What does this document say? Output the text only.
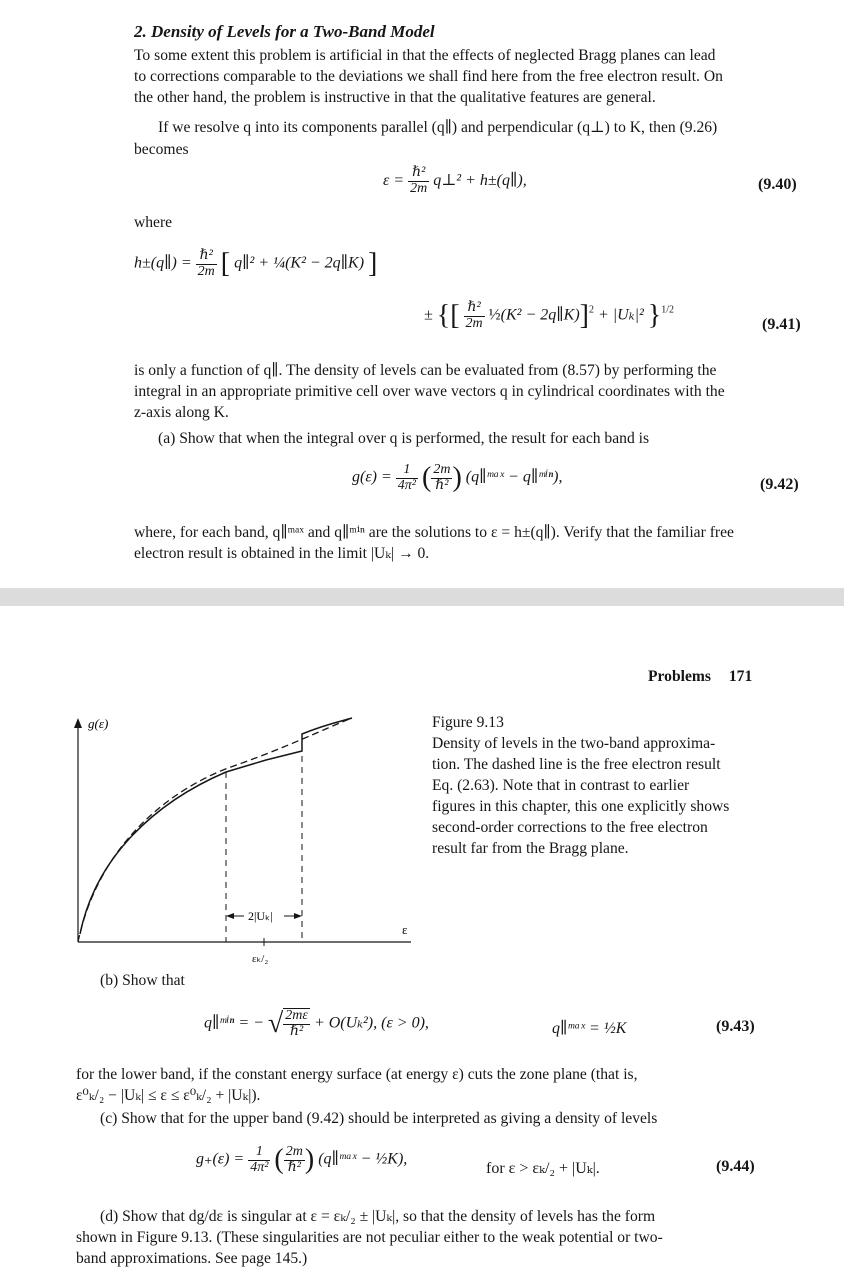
2. Density of Levels for a Two-Band Model
To some extent this problem is artificial in that the effects of neglected Bragg planes can lead
to corrections comparable to the deviations we shall find here from the free electron result. On
the other hand, the problem is instructive in that the qualitative features are general.
If we resolve q into its components parallel (q∥) and perpendicular (q⊥) to K, then (9.26)
becomes
$\varepsilon = \frac{\text{ℏ²}}{2m}$ q⊥² + h±(q∥),	(9.40)
where
h±(q∥) = $\frac{\text{ℏ²}}{2m}$ [ q∥² + ¼(K² − 2q∥K) ]
± {[ $\frac{\text{ℏ²}}{2m}$ ½(K² − 2q∥K)]$^2$ + |Uₖ|² }$^{1/2}$
(9.41)
is only a function of q∥. The density of levels can be evaluated from (8.57) by performing the
integral in an appropriate primitive cell over wave vectors q in cylindrical coordinates with the
z-axis along K.
(a) Show that when the integral over q is performed, the result for each band is
$g(\varepsilon) = \frac{1}{\text{4π²}}$ ( $\frac{2m}{\text{ℏ²}}$ ) (q∥ᵐᵃˣ − q∥ᵐⁱⁿ),	(9.42)
where, for each band, q∥ᵐᵃˣ and q∥ᵐⁱⁿ are the solutions to ε = h±(q∥). Verify that the familiar free
electron result is obtained in the limit |Uₖ| → 0.
Problems 171
g(ε)
ε
2|Uₖ|
εₖ/₂
Figure 9.13
Density of levels in the two-band approxima-
tion. The dashed line is the free electron result
Eq. (2.63). Note that in contrast to earlier
figures in this chapter, this one explicitly shows
second-order corrections to the free electron
result far from the Bragg plane.
(b) Show that
q∥ᵐⁱⁿ = − √ $\frac{2m\varepsilon}{\text{ℏ²}} + O(U_k^2)$, (ε > 0),	q∥ᵐᵃˣ = ½K	(9.43)
for the lower band, if the constant energy surface (at energy ε) cuts the zone plane (that is,
ε⁰ₖ/₂ − |Uₖ| ≤ ε ≤ ε⁰ₖ/₂ + |Uₖ|).
(c) Show that for the upper band (9.42) should be interpreted as giving a density of levels
$g_+(\varepsilon) = \frac{1}{\text{4π²}}$ ( $\frac{2m}{\text{ℏ²}}$ ) (q∥ᵐᵃˣ − ½K),
for ε > εₖ/₂ + |Uₖ|.	(9.44)
(d) Show that dg/dε is singular at ε = εₖ/₂ ± |Uₖ|, so that the density of levels has the form
shown in Figure 9.13. (These singularities are not peculiar either to the weak potential or two-
band approximations. See page 145.)
